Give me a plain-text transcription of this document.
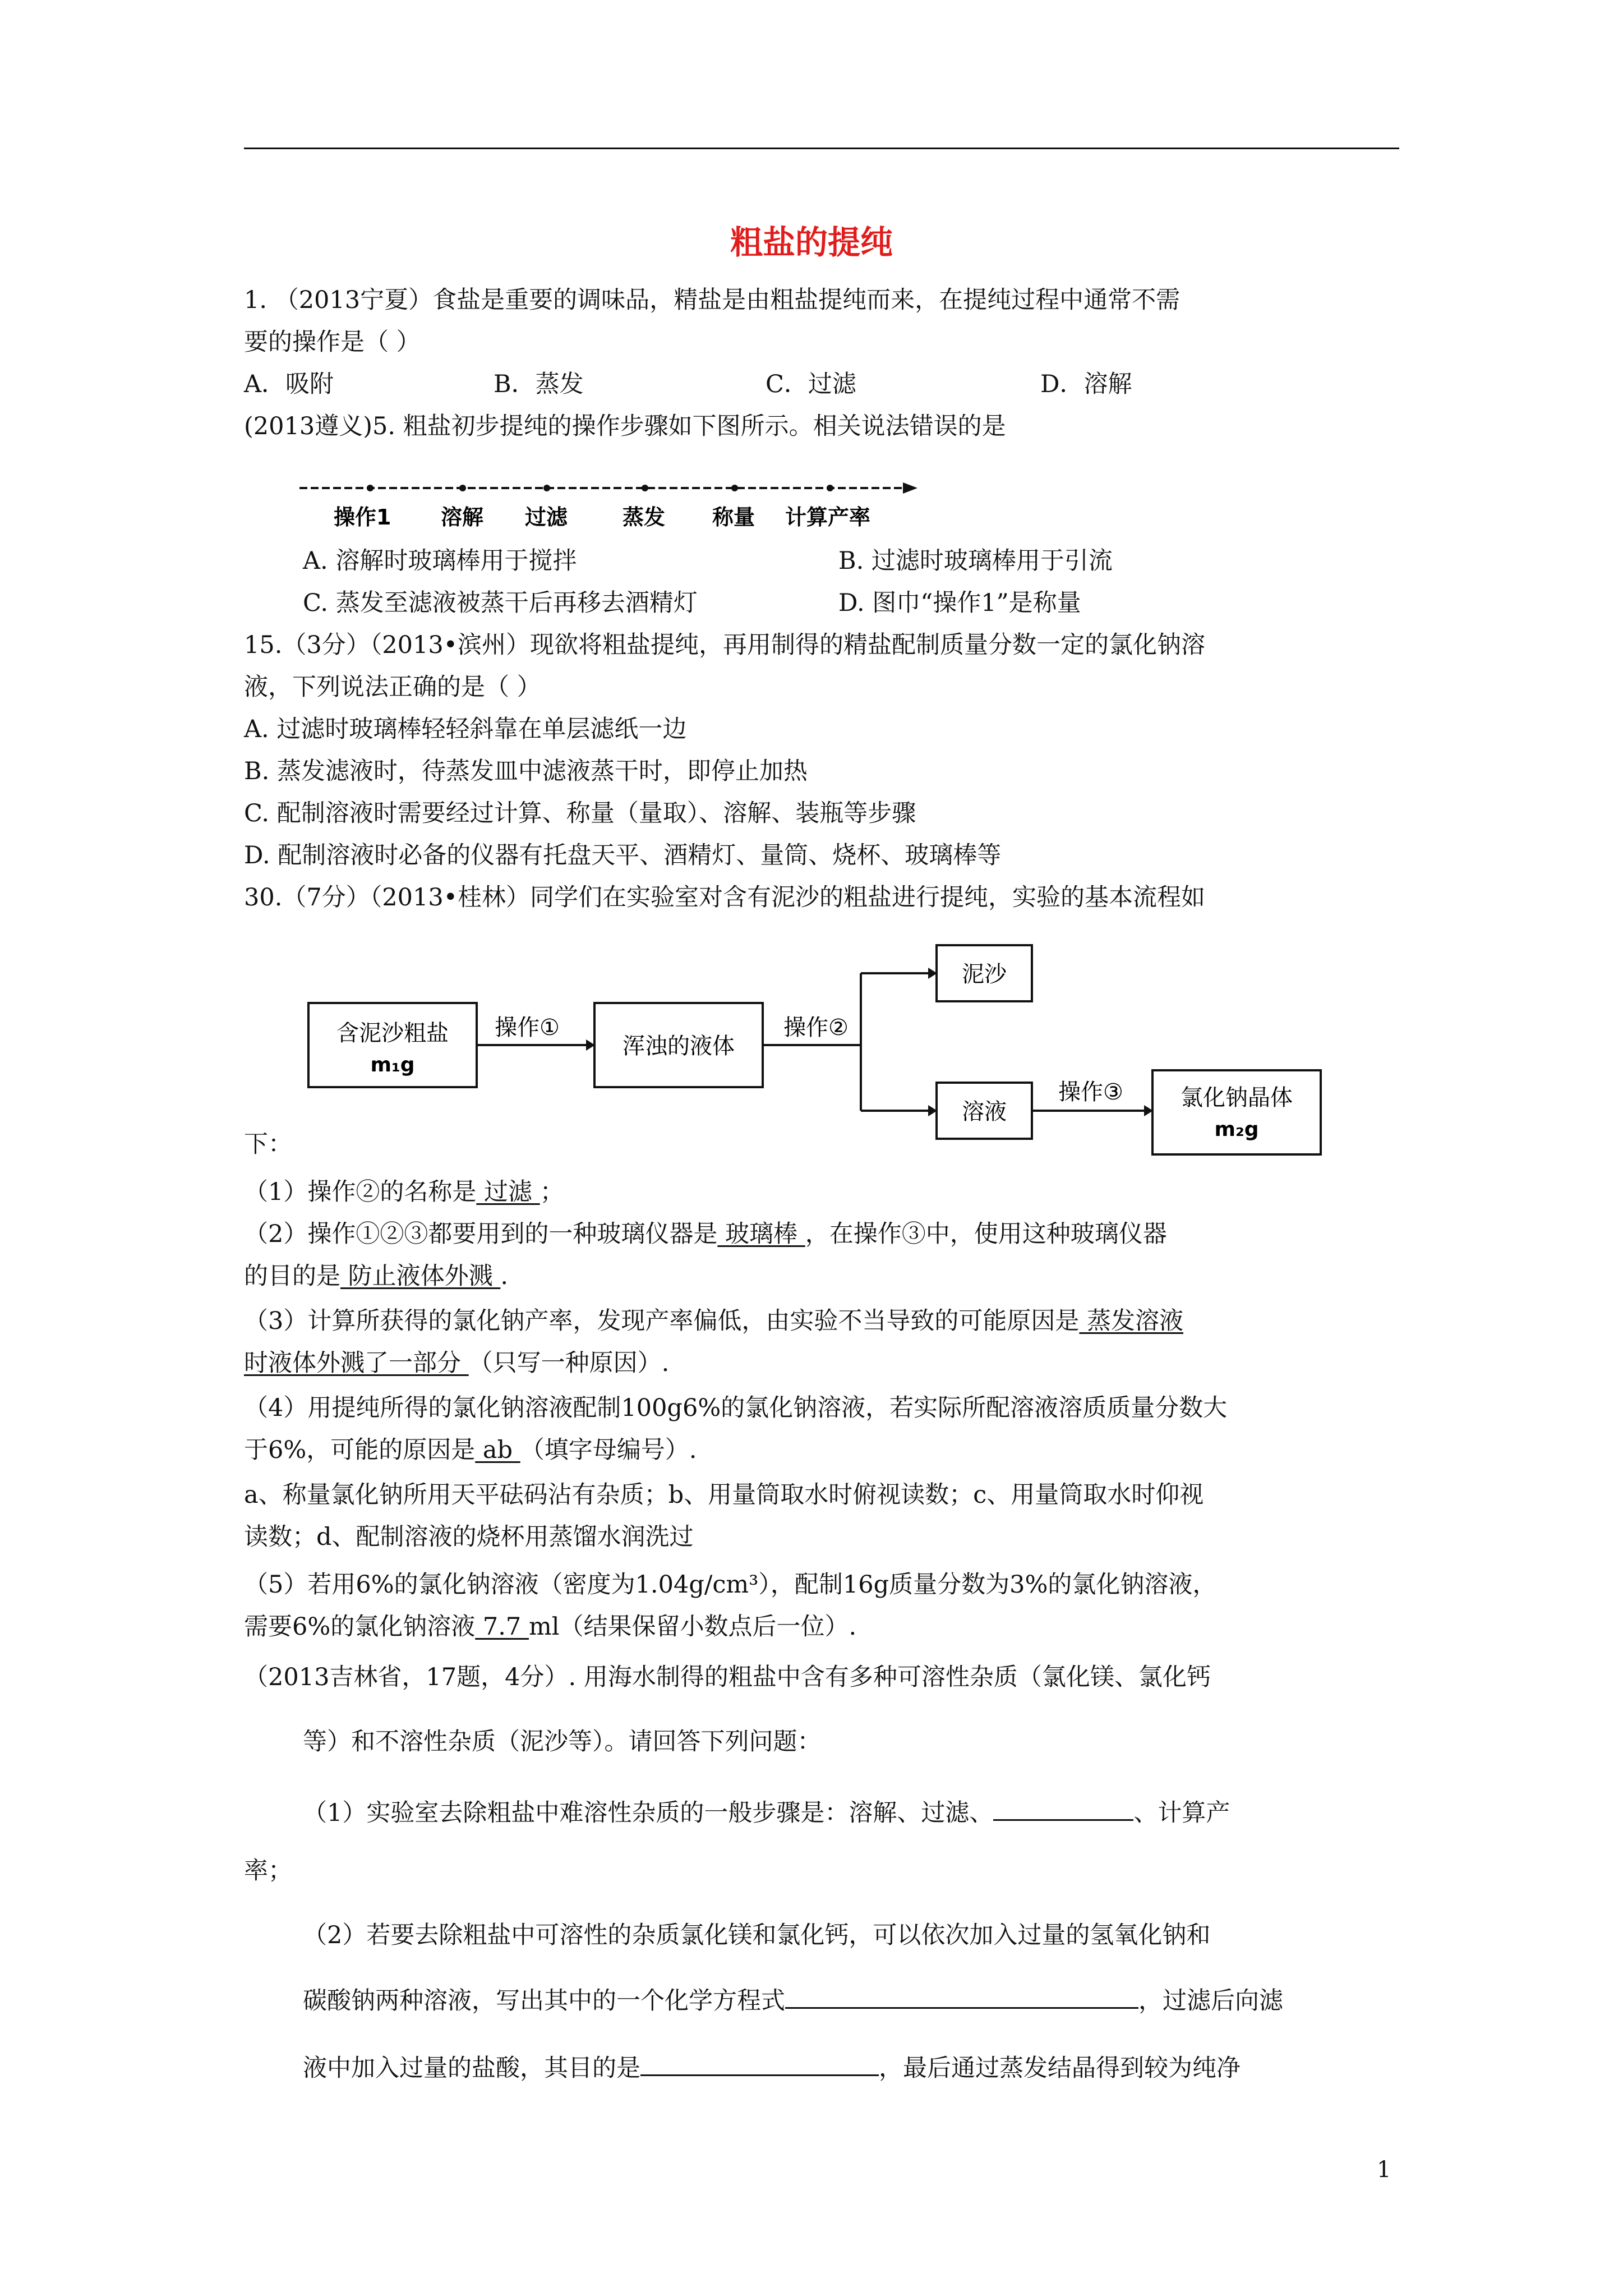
粗盐的提纯
1. （2013宁夏）食盐是重要的调味品，精盐是由粗盐提纯而来，在提纯过程中通常不需
要的操作是（ ）
A．吸附	B．蒸发	C．过滤	D．溶解
(2013遵义)5. 粗盐初步提纯的操作步骤如下图所示。相关说法错误的是
操作1 溶解 过滤	蒸发 称量 计算产率
A. 溶解时玻璃棒用于搅拌	B. 过滤时玻璃棒用于引流
C. 蒸发至滤液被蒸干后再移去酒精灯	D. 图巾“操作1”是称量
15.（3分）（2013•滨州）现欲将粗盐提纯，再用制得的精盐配制质量分数一定的氯化钠溶
液，下列说法正确的是（ ）
A. 过滤时玻璃棒轻轻斜靠在单层滤纸一边
B. 蒸发滤液时，待蒸发皿中滤液蒸干时，即停止加热
C. 配制溶液时需要经过计算、称量（量取）、溶解、装瓶等步骤
D. 配制溶液时必备的仪器有托盘天平、酒精灯、量筒、烧杯、玻璃棒等
30.（7分）（2013•桂林）同学们在实验室对含有泥沙的粗盐进行提纯，实验的基本流程如
含泥沙粗盐
m₁g
操作①
浑浊的液体
操作②
泥沙
溶液
操作③	氯化钠晶体
m₂g
下：
（1）操作②的名称是 过滤 ；
（2）操作①②③都要用到的一种玻璃仪器是 玻璃棒 ，在操作③中，使用这种玻璃仪器
的目的是 防止液体外溅 .
（3）计算所获得的氯化钠产率，发现产率偏低，由实验不当导致的可能原因是 蒸发溶液
时液体外溅了一部分 （只写一种原因）.
（4）用提纯所得的氯化钠溶液配制100g6%的氯化钠溶液，若实际所配溶液溶质质量分数大
于6%，可能的原因是 ab （填字母编号）.
a、称量氯化钠所用天平砝码沾有杂质；b、用量筒取水时俯视读数；c、用量筒取水时仰视
读数；d、配制溶液的烧杯用蒸馏水润洗过
（5）若用6%的氯化钠溶液（密度为1.04g/cm³），配制16g质量分数为3%的氯化钠溶液，
需要6%的氯化钠溶液 7.7 ml（结果保留小数点后一位）.
（2013吉林省，17题，4分）. 用海水制得的粗盐中含有多种可溶性杂质（氯化镁、氯化钙
等）和不溶性杂质（泥沙等）。请回答下列问题：
（1）实验室去除粗盐中难溶性杂质的一般步骤是：溶解、过滤、	、计算产
率；
（2）若要去除粗盐中可溶性的杂质氯化镁和氯化钙，可以依次加入过量的氢氧化钠和
碳酸钠两种溶液，写出其中的一个化学方程式	，过滤后向滤
液中加入过量的盐酸，其目的是	，最后通过蒸发结晶得到较为纯净
1
